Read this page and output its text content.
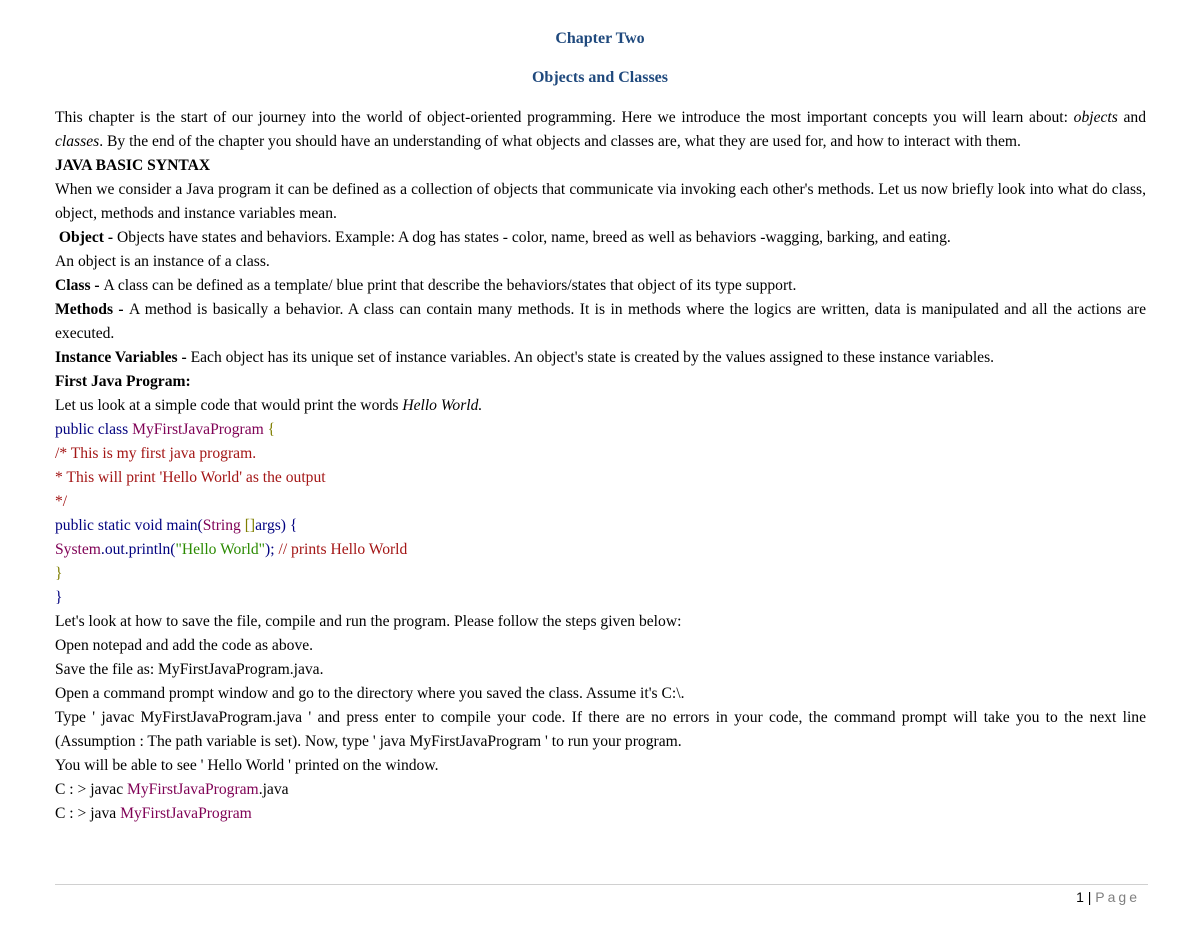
Chapter Two
Objects and Classes

This chapter is the start of our journey into the world of object-oriented programming. Here we introduce the most important concepts you will learn about: objects and classes. By the end of the chapter you should have an understanding of what objects and classes are, what they are used for, and how to interact with them.

JAVA BASIC SYNTAX

When we consider a Java program it can be defined as a collection of objects that communicate via invoking each other's methods. Let us now briefly look into what do class, object, methods and instance variables mean.

Object - Objects have states and behaviors. Example: A dog has states - color, name, breed as well as behaviors -wagging, barking, and eating.

An object is an instance of a class.

Class - A class can be defined as a template/ blue print that describe the behaviors/states that object of its type support.

Methods - A method is basically a behavior. A class can contain many methods. It is in methods where the logics are written, data is manipulated and all the actions are executed.

Instance Variables - Each object has its unique set of instance variables. An object's state is created by the values assigned to these instance variables.

First Java Program:

Let us look at a simple code that would print the words Hello World.

public class MyFirstJavaProgram {

/* This is my first java program.

* This will print 'Hello World' as the output

*/

public static void main(String []args) {

System.out.println("Hello World"); // prints Hello World

}

}

Let's look at how to save the file, compile and run the program. Please follow the steps given below:

Open notepad and add the code as above.

Save the file as: MyFirstJavaProgram.java.

Open a command prompt window and go to the directory where you saved the class. Assume it's C:\.

Type ' javac MyFirstJavaProgram.java ' and press enter to compile your code. If there are no errors in your code, the command prompt will take you to the next line (Assumption : The path variable is set). Now, type ' java MyFirstJavaProgram ' to run your program.

You will be able to see ' Hello World ' printed on the window.

C : > javac MyFirstJavaProgram.java

C : > java MyFirstJavaProgram

1 | Page
